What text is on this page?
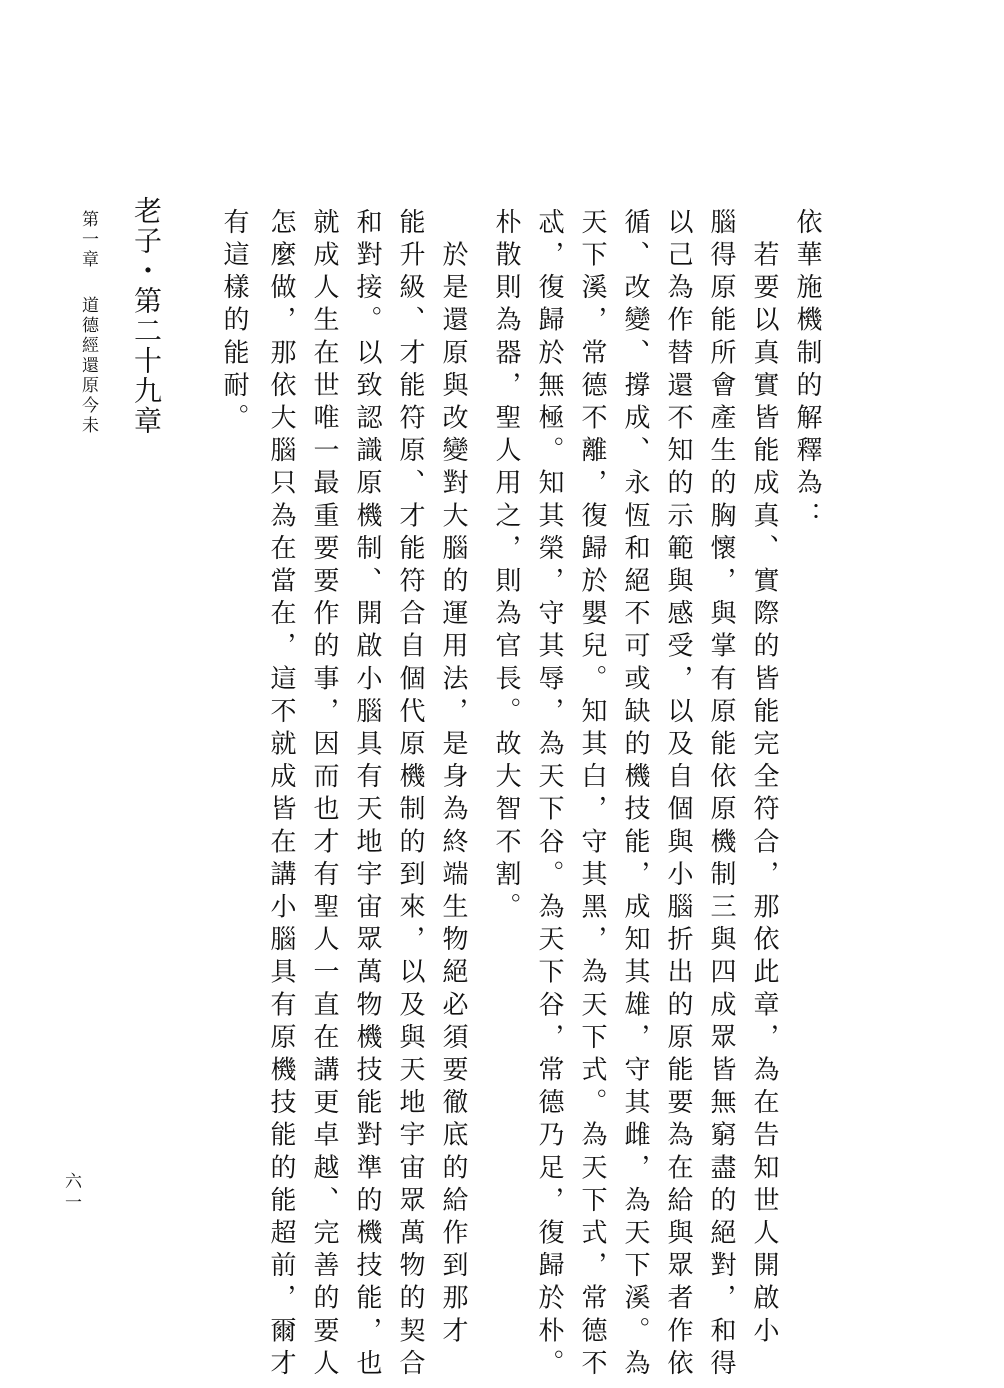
第一章道德經還原今未

六一
老子・第二十九章	依華施機制的解釋為：
　若要以真實皆能成真、實際的皆能完全符合，那依此章，為在告知世人開啟小
腦得原能所會產生的胸懷，與掌有原能依原機制三與四成眾皆無窮盡的絕對，和得
以己為作替還不知的示範與感受，以及自個與小腦折出的原能要為在給與眾者作依
循、改變、撐成、永恆和絕不可或缺的機技能，成知其雄，守其雌，為天下溪。為
天下溪，常德不離，復歸於嬰兒。知其白，守其黑，為天下式。為天下式，常德不
忒，復歸於無極。知其榮，守其辱，為天下谷。為天下谷，常德乃足，復歸於朴。
朴散則為器，聖人用之，則為官長。故大智不割。
　於是還原與改變對大腦的運用法，是身為終端生物絕必須要徹底的給作到那才
能升級、才能符原、才能符合自個代原機制的到來，以及與天地宇宙眾萬物的契合
和對接。以致認識原機制、開啟小腦具有天地宇宙眾萬物機技能對準的機技能，也
就成人生在世唯一最重要要作的事，因而也才有聖人一直在講更卓越、完善的要人
怎麼做，那依大腦只為在當在，這不就成皆在講小腦具有原機技能的能超前，爾才
有這樣的能耐。
